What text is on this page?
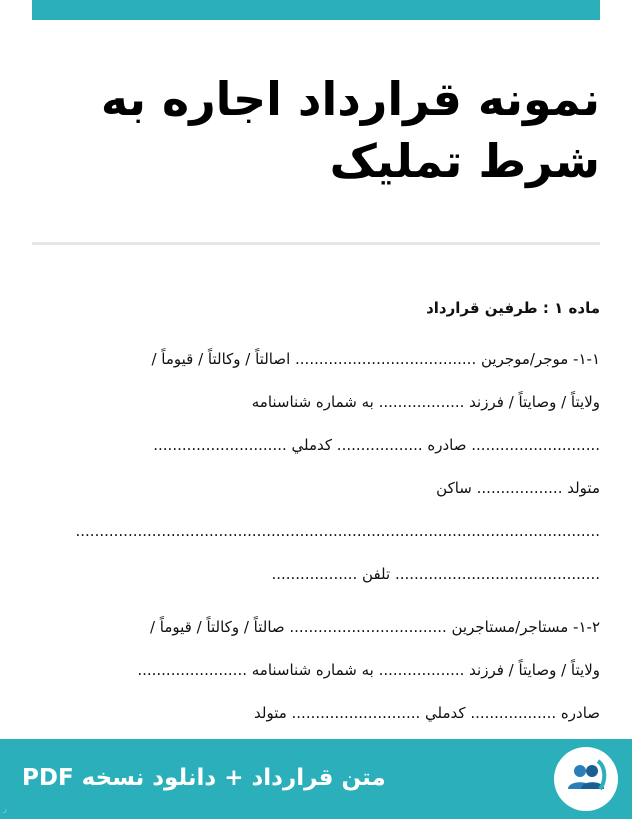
نمونه قرارداد اجاره به شرط تمليک
ماده ۱ : طرفین قرارداد
۱-۱- موجر/موجرین ...................................... اصالتاً / وکالتاً / قیوماً /
ولایتاً / وصایتاً / فرزند .................. به شماره شناسنامه
........................... صادره .................. کدملي ............................
متولد .................. ساکن
..............................................................................................................
........................................... تلفن ..................
۱-۲- مستاجر/مستاجرین ................................. صالتاً / وکالتاً / قیوماً /
ولایتاً / وصایتاً / فرزند .................. به شماره شناسنامه .......................
صادره .................. کدملي ........................... متولد
متن قرارداد + دانلود نسخه PDF
ر
